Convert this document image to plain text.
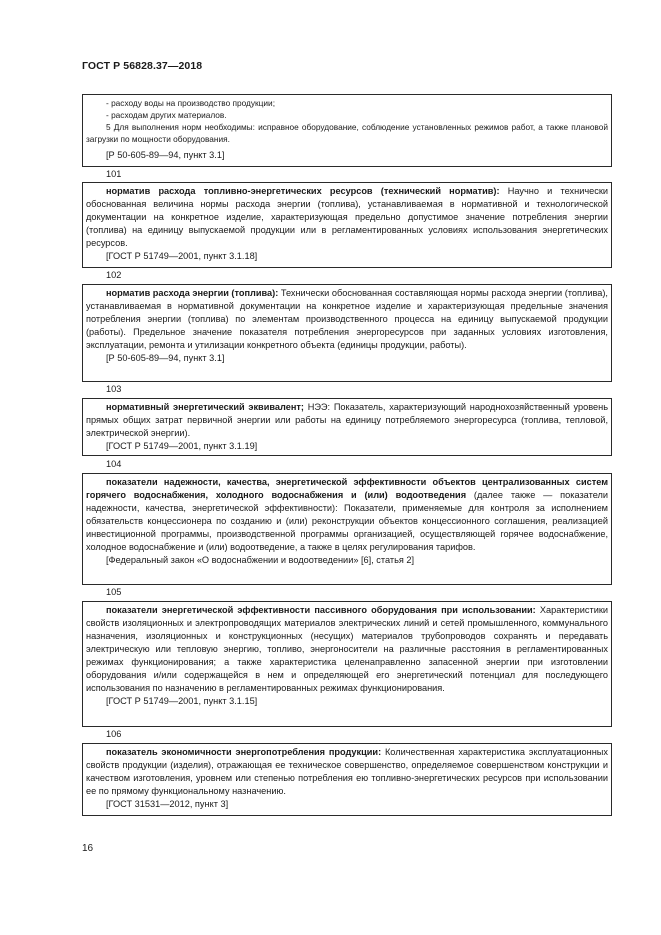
ГОСТ Р 56828.37—2018

- расходу воды на производство продукции;

- расходам других материалов.

5 Для выполнения норм необходимы: исправное оборудование, соблюдение установленных режимов работ, а также плановой загрузки по мощности оборудования.

[Р 50-605-89—94, пункт 3.1]

101

норматив расхода топливно-энергетических ресурсов (технический норматив): Научно и технически обоснованная величина нормы расхода энергии (топлива), устанавливаемая в нормативной и технологической документации на конкретное изделие, характеризующая предельно допустимое значение потребления энергии (топлива) на единицу выпускаемой продукции или в регламентированных условиях использования энергетических ресурсов.

[ГОСТ Р 51749—2001, пункт 3.1.18]

102

норматив расхода энергии (топлива): Технически обоснованная составляющая нормы расхода энергии (топлива), устанавливаемая в нормативной документации на конкретное изделие и характеризующая предельные значения потребления энергии (топлива) по элементам производственного процесса на единицу выпускаемой продукции (работы). Предельное значение показателя потребления энергоресурсов при заданных условиях изготовления, эксплуатации, ремонта и утилизации конкретного объекта (единицы продукции, работы).

[Р 50-605-89—94, пункт 3.1]

103

нормативный энергетический эквивалент; НЭЭ: Показатель, характеризующий народнохозяйственный уровень прямых общих затрат первичной энергии или работы на единицу потребляемого энергоресурса (топлива, тепловой, электрической энергии).

[ГОСТ Р 51749—2001, пункт 3.1.19]

104

показатели надежности, качества, энергетической эффективности объектов централизованных систем горячего водоснабжения, холодного водоснабжения и (или) водоотведения (далее также — показатели надежности, качества, энергетической эффективности): Показатели, применяемые для контроля за исполнением обязательств концессионера по созданию и (или) реконструкции объектов концессионного соглашения, реализацией инвестиционной программы, производственной программы организацией, осуществляющей горячее водоснабжение, холодное водоснабжение и (или) водоотведение, а также в целях регулирования тарифов.

[Федеральный закон «О водоснабжении и водоотведении» [6], статья 2]

105

показатели энергетической эффективности пассивного оборудования при использовании: Характеристики свойств изоляционных и электропроводящих материалов электрических линий и сетей промышленного, коммунального назначения, изоляционных и конструкционных (несущих) материалов трубопроводов сохранять и передавать электрическую или тепловую энергию, топливо, энергоносители на различные расстояния в регламентированных режимах функционирования; а также характеристика целенаправленно запасенной энергии при изготовлении оборудования и/или содержащейся в нем и определяющей его энергетический потенциал для последующего использования по назначению в регламентированных режимах функционирования.

[ГОСТ Р 51749—2001, пункт 3.1.15]

106

показатель экономичности энергопотребления продукции: Количественная характеристика эксплуатационных свойств продукции (изделия), отражающая ее техническое совершенство, определяемое совершенством конструкции и качеством изготовления, уровнем или степенью потребления ею топливно-энергетических ресурсов при использовании ее по прямому функциональному назначению.

[ГОСТ 31531—2012, пункт 3]

16
